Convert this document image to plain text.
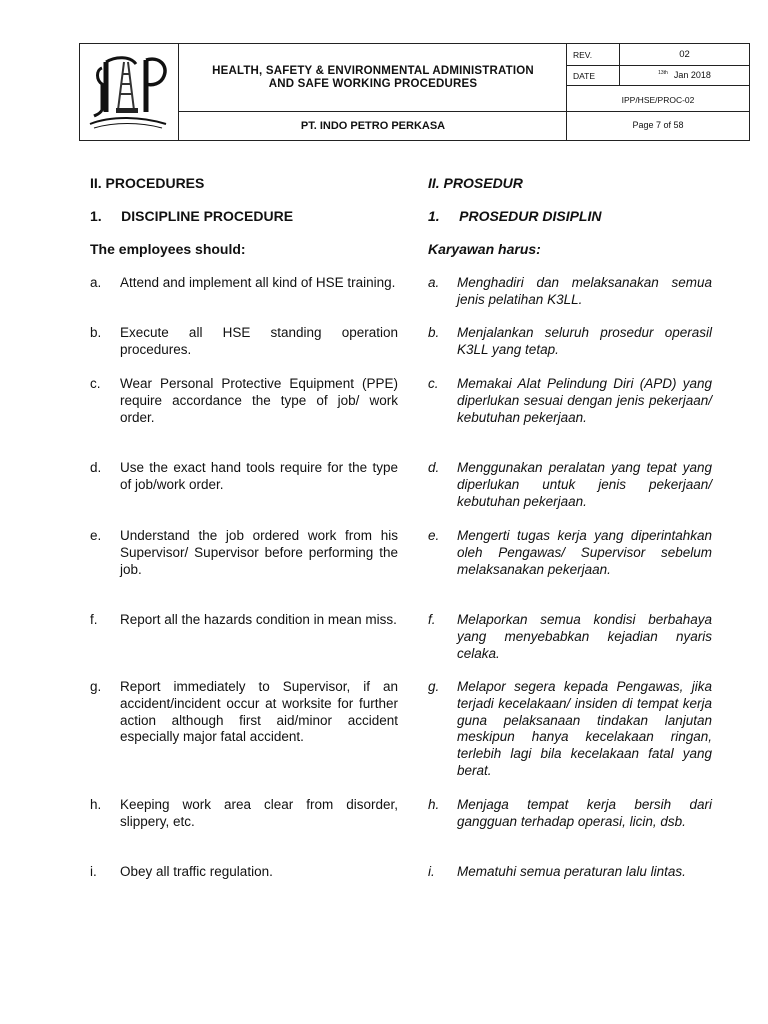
HEALTH, SAFETY & ENVIRONMENTAL ADMINISTRATION
AND SAFE WORKING PROCEDURES
PT. INDO PETRO PERKASA
REV.	02
DATE	$^{13th}$ Jan 2018
IPP/HSE/PROC-02
Page 7 of 58
II. PROCEDURES
1.     DISCIPLINE PROCEDURE
The employees should:
a. Attend and implement all kind of HSE training.
b. Execute all HSE standing operation procedures.
c. Wear Personal Protective Equipment (PPE) require accordance the type of job/ work order.
d. Use the exact hand tools require for the type of job/work order.
e. Understand the job ordered work from his Supervisor/ Supervisor before performing the job.
f. Report all the hazards condition in mean miss.
g. Report immediately to Supervisor, if an accident/incident occur at worksite for further action although first aid/minor accident especially major fatal accident.
h. Keeping work area clear from disorder, slippery, etc.
i. Obey all traffic regulation.
II. PROSEDUR
1.     PROSEDUR DISIPLIN
Karyawan harus:
a. Menghadiri dan melaksanakan semua jenis pelatihan K3LL.
b. Menjalankan seluruh prosedur operasil K3LL yang tetap.
c. Memakai Alat Pelindung Diri (APD) yang diperlukan sesuai dengan jenis pekerjaan/ kebutuhan pekerjaan.
d. Menggunakan peralatan yang tepat yang diperlukan untuk jenis pekerjaan/ kebutuhan pekerjaan.
e. Mengerti tugas kerja yang diperintahkan oleh Pengawas/ Supervisor sebelum melaksanakan pekerjaan.
f. Melaporkan semua kondisi berbahaya yang menyebabkan kejadian nyaris celaka.
g. Melapor segera kepada Pengawas, jika terjadi kecelakaan/ insiden di tempat kerja guna pelaksanaan tindakan lanjutan meskipun hanya kecelakaan ringan, terlebih lagi bila kecelakaan fatal yang berat.
h. Menjaga tempat kerja bersih dari gangguan terhadap operasi, licin, dsb.
i. Mematuhi semua peraturan lalu lintas.
